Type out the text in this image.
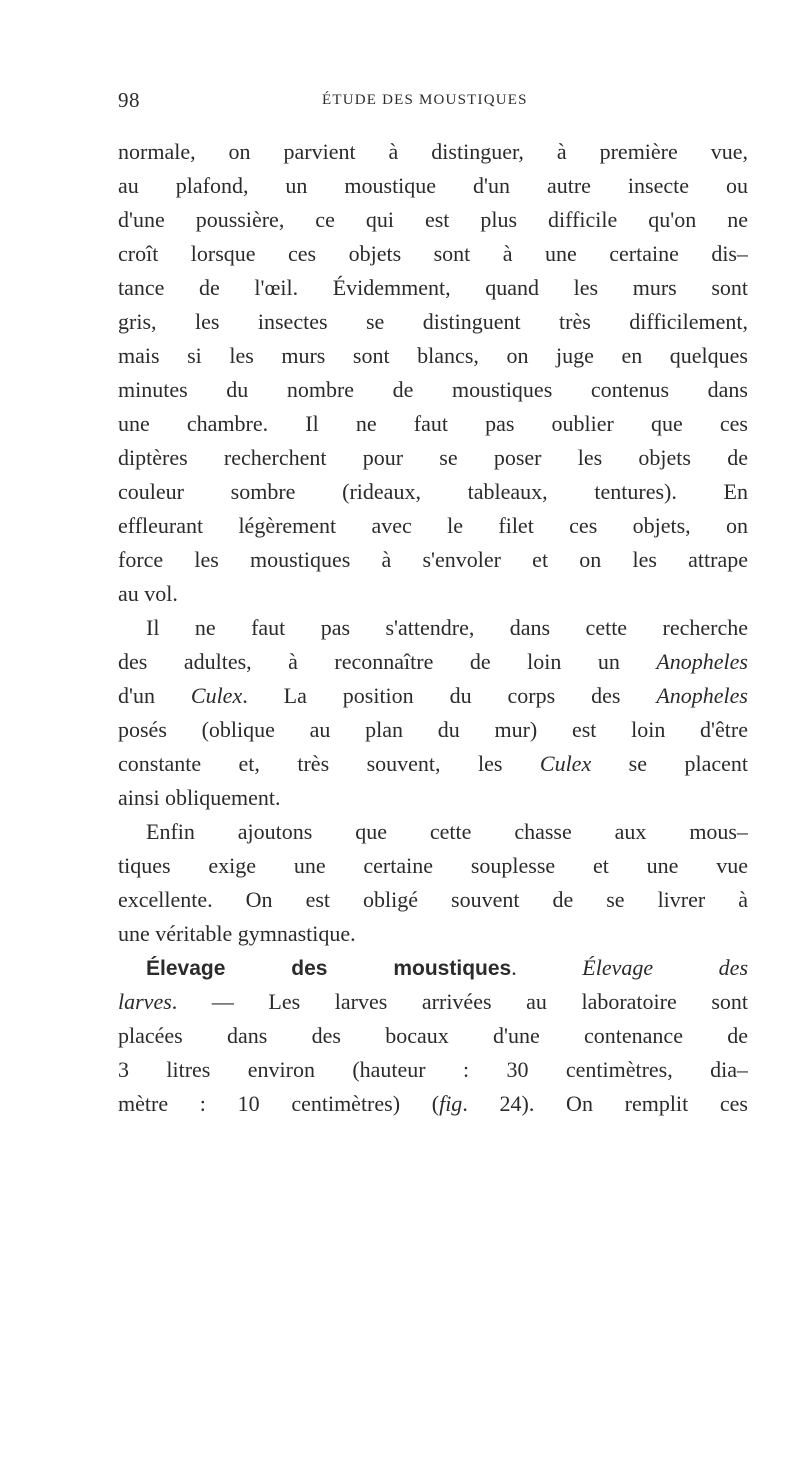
98	ÉTUDE DES MOUSTIQUES
normale, on parvient à distinguer, à première vue,
au plafond, un moustique d'un autre insecte ou
d'une poussière, ce qui est plus difficile qu'on ne
croît lorsque ces objets sont à une certaine dis–
tance de l'œil. Évidemment, quand les murs sont
gris, les insectes se distinguent très difficilement,
mais si les murs sont blancs, on juge en quelques
minutes du nombre de moustiques contenus dans
une chambre. Il ne faut pas oublier que ces
diptères recherchent pour se poser les objets de
couleur sombre (rideaux, tableaux, tentures). En
effleurant légèrement avec le filet ces objets, on
force les moustiques à s'envoler et on les attrape
au vol.
Il ne faut pas s'attendre, dans cette recherche
des adultes, à reconnaître de loin un Anopheles
d'un Culex. La position du corps des Anopheles
posés (oblique au plan du mur) est loin d'être
constante et, très souvent, les Culex se placent
ainsi obliquement.
Enfin ajoutons que cette chasse aux mous–
tiques exige une certaine souplesse et une vue
excellente. On est obligé souvent de se livrer à
une véritable gymnastique.
Élevage des moustiques. Élevage des
larves. — Les larves arrivées au laboratoire sont
placées dans des bocaux d'une contenance de
3 litres environ (hauteur : 30 centimètres, dia–
mètre : 10 centimètres) (fig. 24). On remplit ces
